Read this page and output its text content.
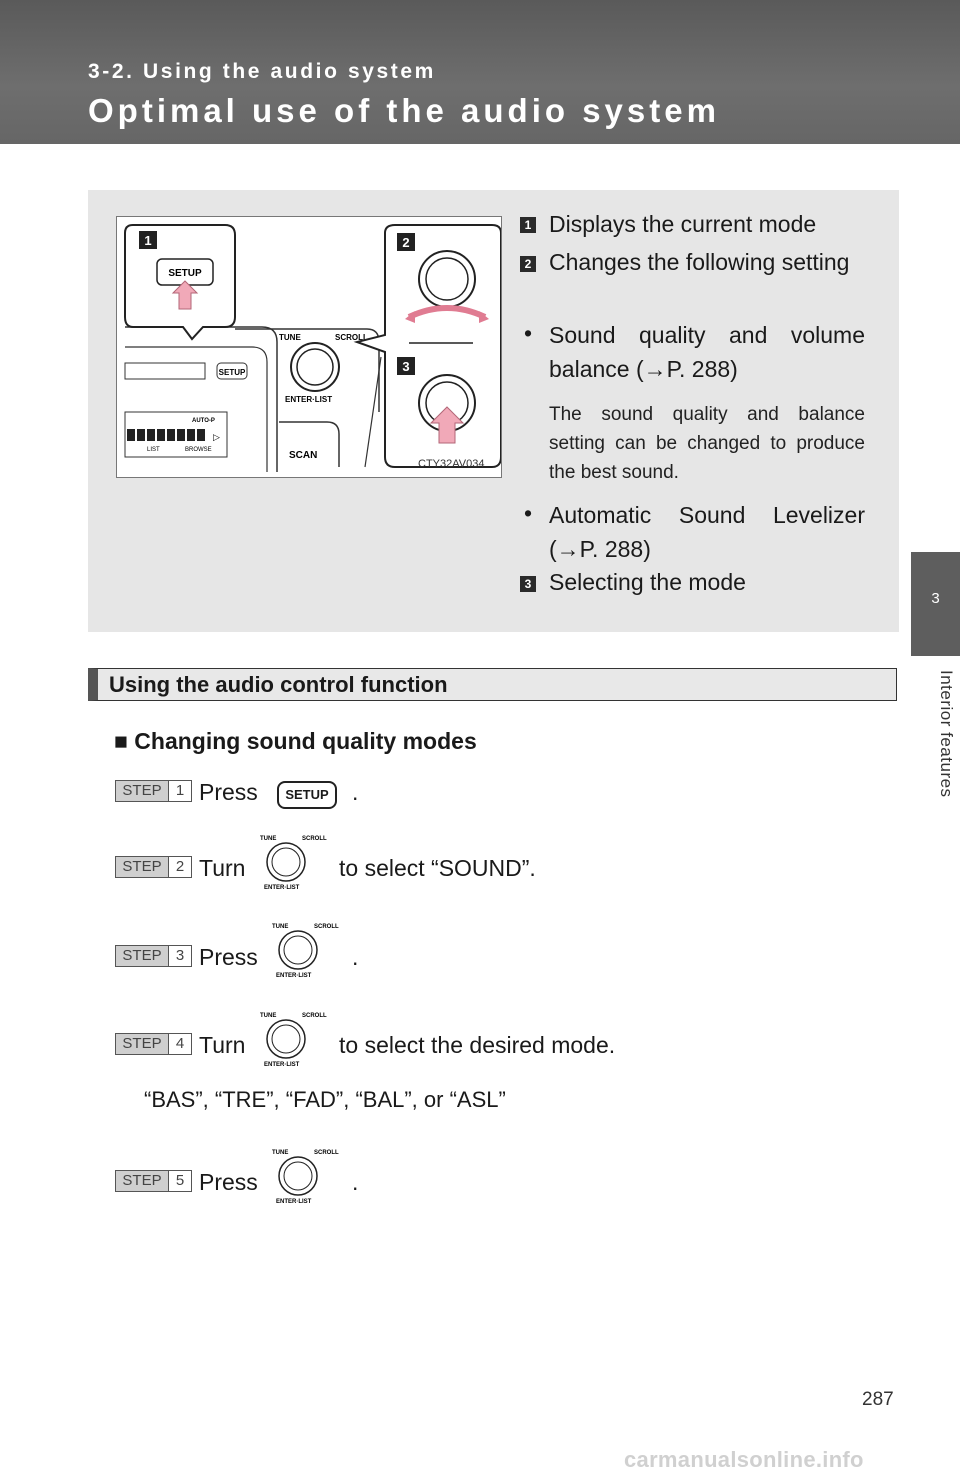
3-2. Using the audio system
Optimal use of the audio system
3
Interior features
SETUP
AUTO-P
▷
LIST	BROWSE
TUNE	SCROLL
ENTER·LIST
SCAN
1
SETUP
2
3
CTY32AV034
1 Displays the current mode
2 Changes the following setting
• Sound quality and volume balance (→P. 288)
The sound quality and balance setting can be changed to produce the best sound.
• Automatic Sound Levelizer (→P. 288)
3 Selecting the mode
Using the audio control function
■ Changing sound quality modes
STEP 1 Press	SETUP	.
STEP 2 Turn
TUNE	SCROLL
ENTER·LIST
to select “SOUND”.
STEP 3 Press
TUNE	SCROLL
ENTER·LIST
.
STEP 4 Turn
TUNE	SCROLL
ENTER·LIST
to select the desired mode.
“BAS”, “TRE”, “FAD”, “BAL”, or “ASL”
STEP 5 Press
TUNE	SCROLL
ENTER·LIST
.
287
carmanualsonline.info
